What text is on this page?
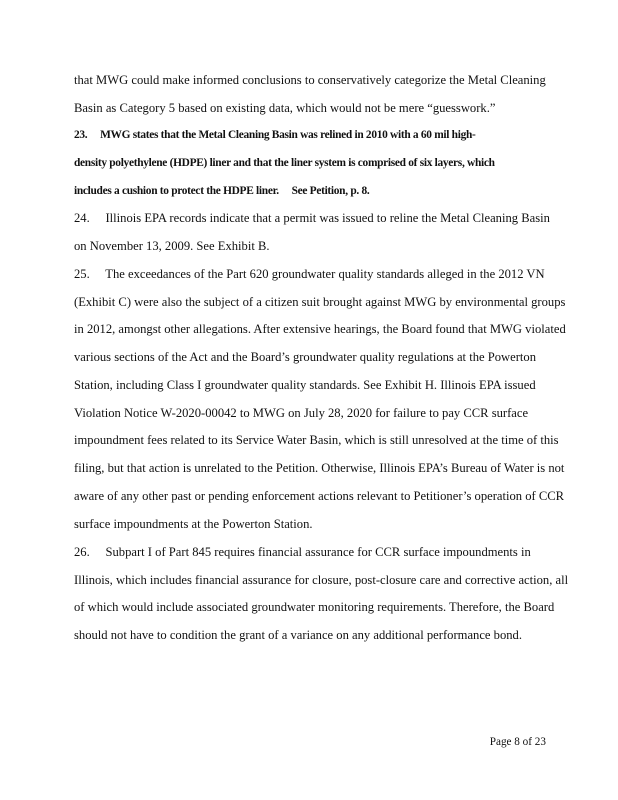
that MWG could make informed conclusions to conservatively categorize the Metal Cleaning
Basin as Category 5 based on existing data, which would not be mere “guesswork.”
23.     MWG states that the Metal Cleaning Basin was relined in 2010 with a 60 mil high-
density polyethylene (HDPE) liner and that the liner system is comprised of six layers, which
includes a cushion to protect the HDPE liner.     See Petition, p. 8.
24.     Illinois EPA records indicate that a permit was issued to reline the Metal Cleaning Basin
on November 13, 2009. See Exhibit B.
25.     The exceedances of the Part 620 groundwater quality standards alleged in the 2012 VN
(Exhibit C) were also the subject of a citizen suit brought against MWG by environmental groups
in 2012, amongst other allegations. After extensive hearings, the Board found that MWG violated
various sections of the Act and the Board’s groundwater quality regulations at the Powerton
Station, including Class I groundwater quality standards. See Exhibit H. Illinois EPA issued
Violation Notice W-2020-00042 to MWG on July 28, 2020 for failure to pay CCR surface
impoundment fees related to its Service Water Basin, which is still unresolved at the time of this
filing, but that action is unrelated to the Petition. Otherwise, Illinois EPA’s Bureau of Water is not
aware of any other past or pending enforcement actions relevant to Petitioner’s operation of CCR
surface impoundments at the Powerton Station.
26.     Subpart I of Part 845 requires financial assurance for CCR surface impoundments in
Illinois, which includes financial assurance for closure, post-closure care and corrective action, all
of which would include associated groundwater monitoring requirements. Therefore, the Board
should not have to condition the grant of a variance on any additional performance bond.
Page 8 of 23
